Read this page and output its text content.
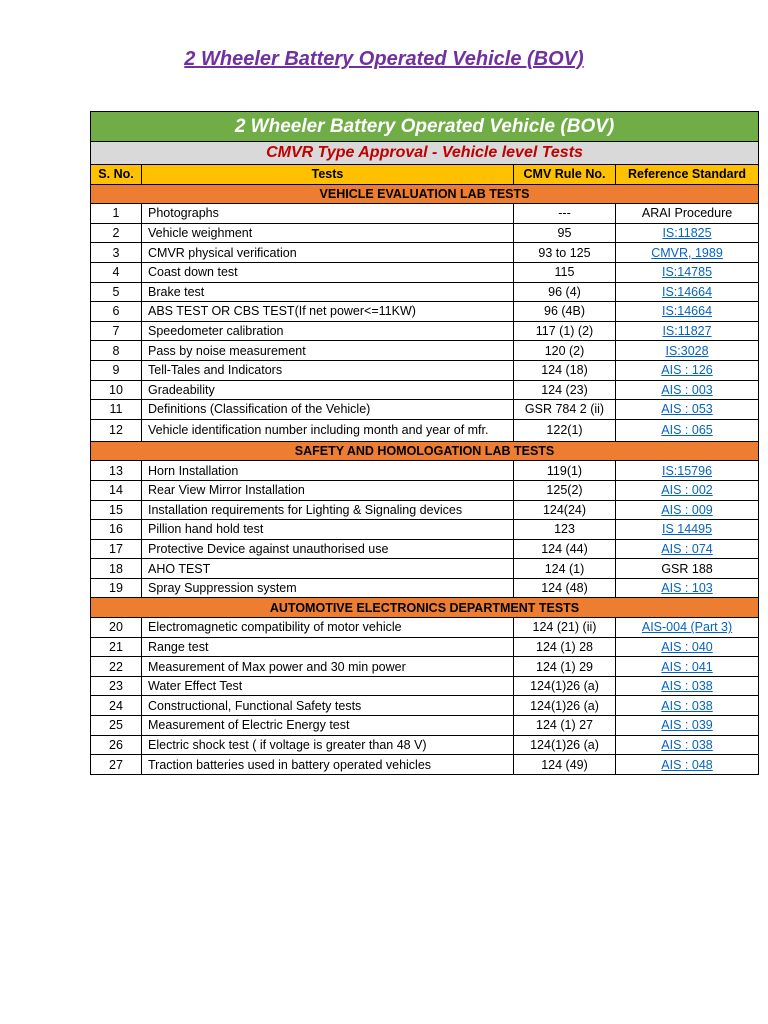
2 Wheeler Battery Operated Vehicle (BOV)
2 Wheeler Battery Operated Vehicle (BOV)			
CMVR Type Approval - Vehicle level Tests			
S. No.	Tests	CMV Rule No.	Reference Standard
VEHICLE EVALUATION LAB TESTS			
1	Photographs	---	ARAI Procedure
2	Vehicle weighment	95	IS:11825
3	CMVR physical verification	93 to 125	CMVR, 1989
4	Coast down test	115	IS:14785
5	Brake test	96 (4)	IS:14664
6	ABS TEST OR CBS TEST(If net power<=11KW)	96 (4B)	IS:14664
7	Speedometer calibration	117 (1) (2)	IS:11827
8	Pass by noise measurement	120 (2)	IS:3028
9	Tell-Tales and Indicators	124 (18)	AIS : 126
10	Gradeability	124 (23)	AIS : 003
11	Definitions (Classification of the Vehicle)	GSR 784 2 (ii)	AIS : 053
12	Vehicle identification number including month and year of mfr.	122(1)	AIS : 065
SAFETY AND HOMOLOGATION LAB TESTS			
13	Horn Installation	119(1)	IS:15796
14	Rear View Mirror Installation	125(2)	AIS : 002
15	Installation requirements for Lighting & Signaling devices	124(24)	AIS : 009
16	Pillion hand hold test	123	IS 14495
17	Protective Device against unauthorised use	124 (44)	AIS : 074
18	AHO TEST	124 (1)	GSR 188
19	Spray Suppression system	124 (48)	AIS : 103
AUTOMOTIVE ELECTRONICS DEPARTMENT TESTS			
20	Electromagnetic compatibility of motor vehicle	124 (21) (ii)	AIS-004 (Part 3)
21	Range test	124 (1) 28	AIS : 040
22	Measurement of Max power and 30 min power	124 (1) 29	AIS : 041
23	Water Effect Test	124(1)26 (a)	AIS : 038
24	Constructional, Functional Safety tests	124(1)26 (a)	AIS : 038
25	Measurement of Electric Energy test	124 (1) 27	AIS : 039
26	Electric shock test ( if voltage is greater than 48 V)	124(1)26 (a)	AIS : 038
27	Traction batteries used in battery operated vehicles	124 (49)	AIS : 048
